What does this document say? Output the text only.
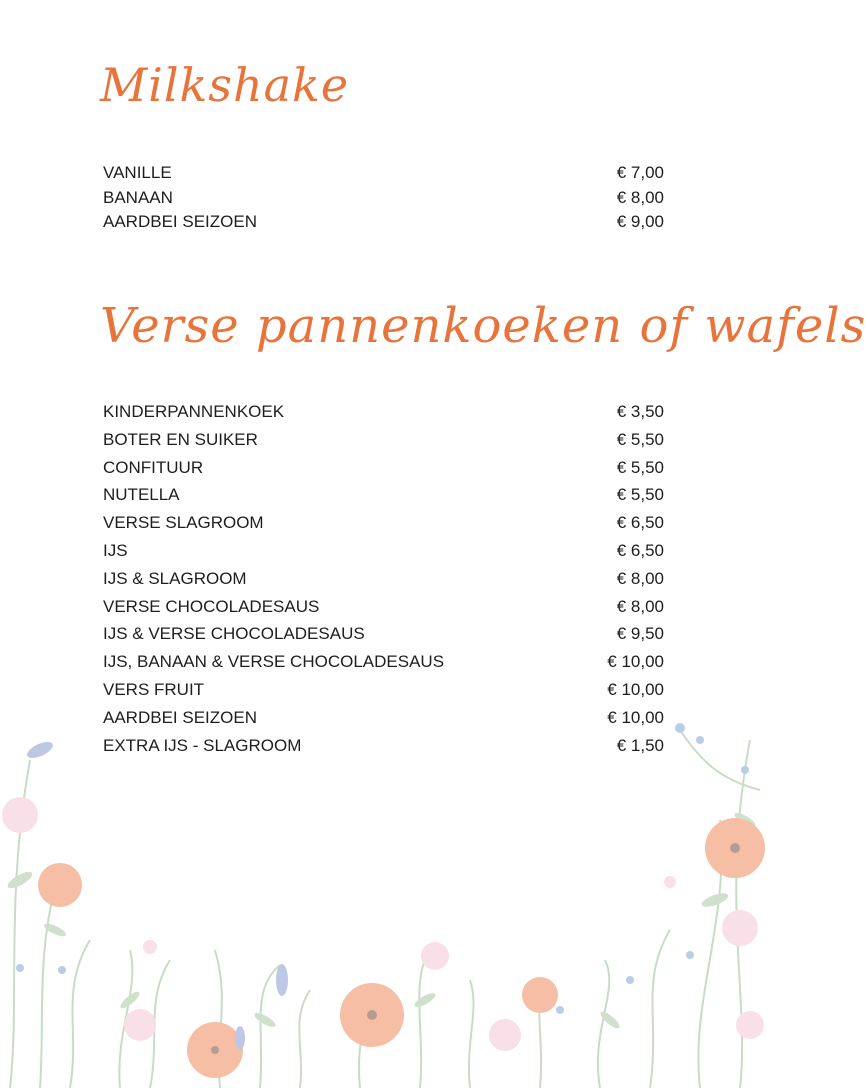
Milkshake
VANILLE	€ 7,00
BANAAN	€ 8,00
AARDBEI SEIZOEN	€ 9,00
Verse pannenkoeken of wafels
KINDERPANNENKOEK	€ 3,50
BOTER EN SUIKER	€ 5,50
CONFITUUR	€ 5,50
NUTELLA	€ 5,50
VERSE SLAGROOM	€ 6,50
IJS	€ 6,50
IJS & SLAGROOM	€ 8,00
VERSE CHOCOLADESAUS	€ 8,00
IJS & VERSE CHOCOLADESAUS	€ 9,50
IJS, BANAAN & VERSE CHOCOLADESAUS	€ 10,00
VERS FRUIT	€ 10,00
AARDBEI SEIZOEN	€ 10,00
EXTRA IJS - SLAGROOM	€ 1,50
